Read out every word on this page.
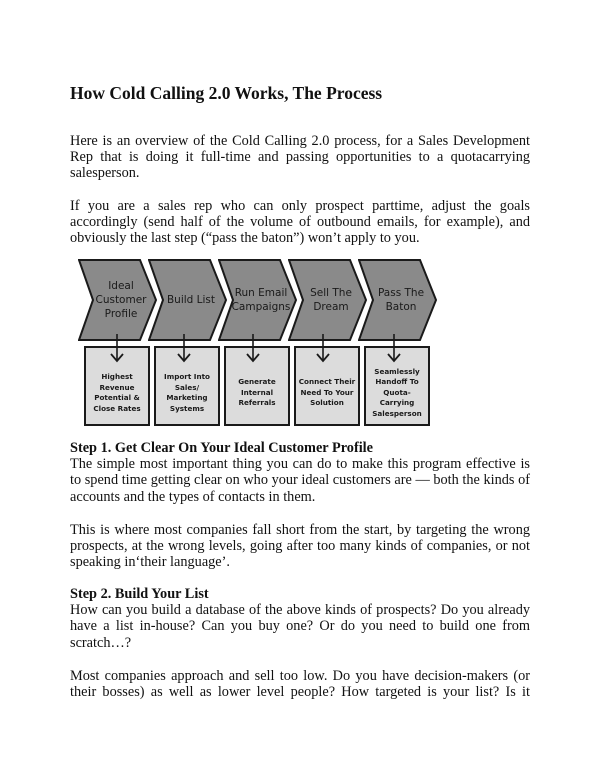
How Cold Calling 2.0 Works, The Process

Here is an overview of the Cold Calling 2.0 process, for a Sales Development Rep that is doing it full-time and passing opportunities to a quotacarrying salesperson.

If you are a sales rep who can only prospect parttime, adjust the goals accordingly (send half of the volume of outbound emails, for example), and obviously the last step (“pass the baton”) won’t apply to you.

Ideal Customer Profile
Build List
Run Email Campaigns
Sell The Dream
Pass The Baton
Highest Revenue Potential & Close Rates
Import Into Sales/ Marketing Systems
Generate Internal Referrals
Connect Their Need To Your Solution
Seamlessly Handoff To Quota-Carrying Salesperson

Step 1. Get Clear On Your Ideal Customer Profile

The simple most important thing you can do to make this program effective is to spend time getting clear on who your ideal customers are — both the kinds of accounts and the types of contacts in them.

This is where most companies fall short from the start, by targeting the wrong prospects, at the wrong levels, going after too many kinds of companies, or not speaking in‘their language’.

Step 2. Build Your List

How can you build a database of the above kinds of prospects? Do you already have a list in-house? Can you buy one? Or do you need to build one from scratch…?

Most companies approach and sell too low. Do you have decision-makers (or their bosses) as well as lower level people? How targeted is your list? Is it
